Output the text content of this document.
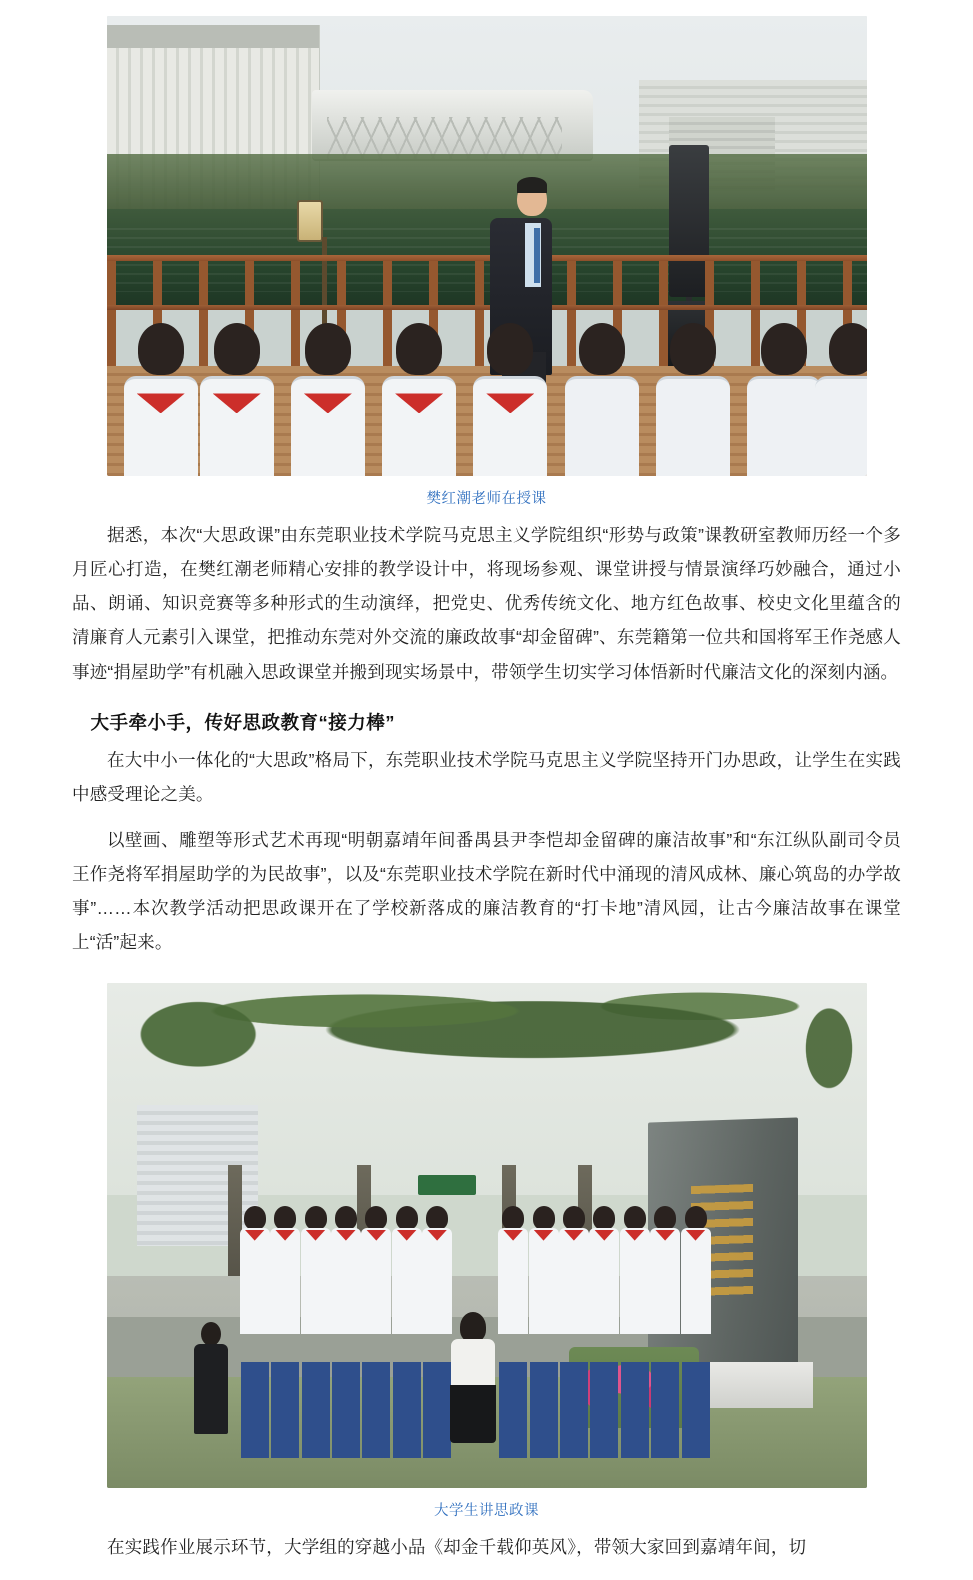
樊红潮老师在授课

据悉，本次“大思政课”由东莞职业技术学院马克思主义学院组织“形势与政策”课教研室教师历经一个多月匠心打造，在樊红潮老师精心安排的教学设计中，将现场参观、课堂讲授与情景演绎巧妙融合，通过小品、朗诵、知识竞赛等多种形式的生动演绎，把党史、优秀传统文化、地方红色故事、校史文化里蕴含的清廉育人元素引入课堂，把推动东莞对外交流的廉政故事“却金留碑”、东莞籍第一位共和国将军王作尧感人事迹“捐屋助学”有机融入思政课堂并搬到现实场景中，带领学生切实学习体悟新时代廉洁文化的深刻内涵。

大手牵小手，传好思政教育“接力棒”

在大中小一体化的“大思政”格局下，东莞职业技术学院马克思主义学院坚持开门办思政，让学生在实践中感受理论之美。

以壁画、雕塑等形式艺术再现“明朝嘉靖年间番禺县尹李恺却金留碑的廉洁故事”和“东江纵队副司令员王作尧将军捐屋助学的为民故事”，以及“东莞职业技术学院在新时代中涌现的清风成林、廉心筑岛的办学故事”……本次教学活动把思政课开在了学校新落成的廉洁教育的“打卡地”清风园，让古今廉洁故事在课堂上“活”起来。

大学生讲思政课

在实践作业展示环节，大学组的穿越小品《却金千载仰英风》，带领大家回到嘉靖年间，切
